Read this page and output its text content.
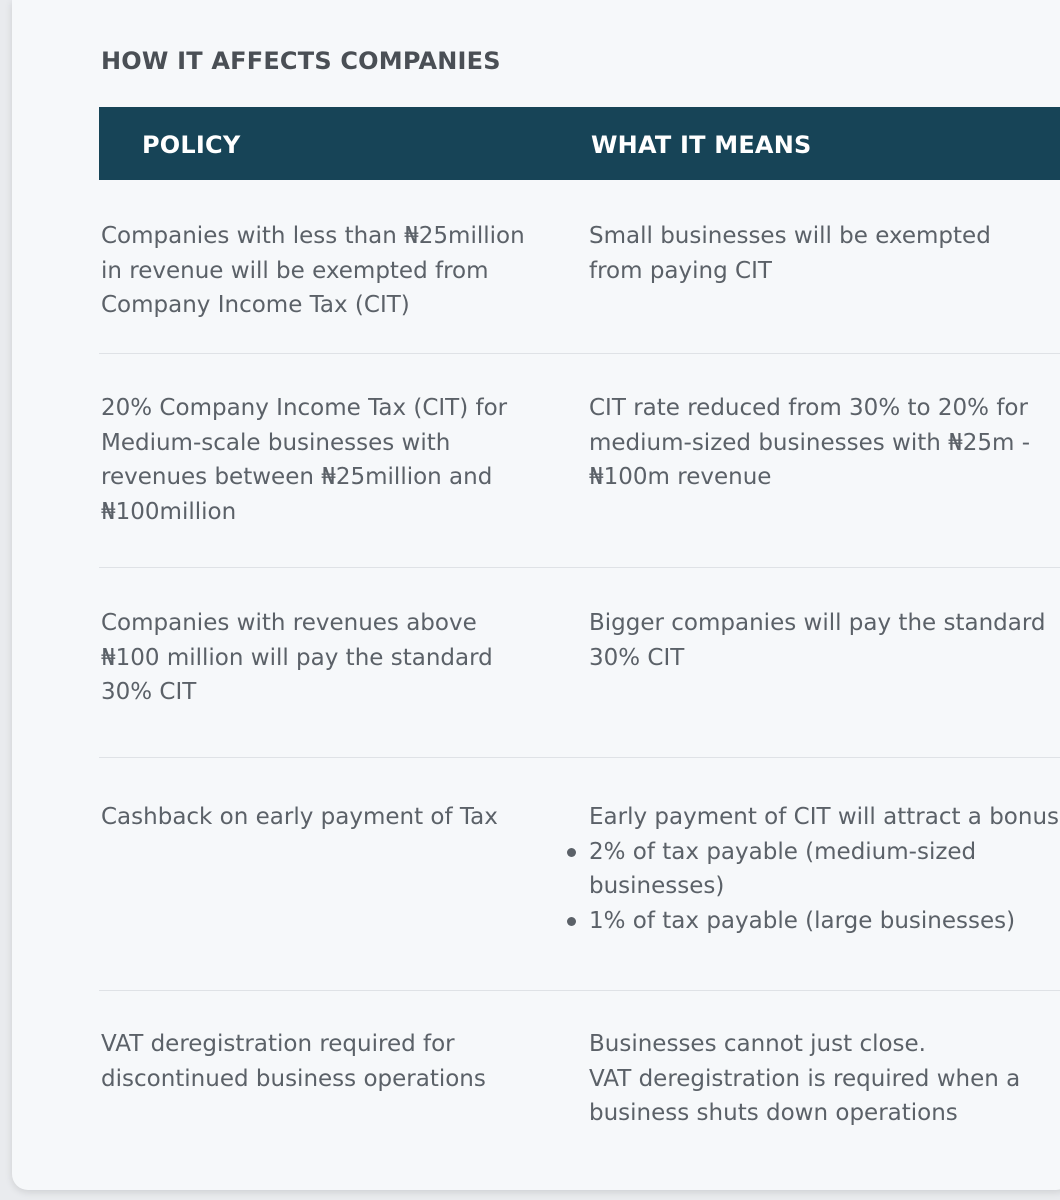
HOW IT AFFECTS COMPANIES
POLICY	WHAT IT MEANS
Companies with less than ₦25million in revenue will be exempted from Company Income Tax (CIT)
Small businesses will be exempted from paying CIT
20% Company Income Tax (CIT) for Medium-scale businesses with revenues between ₦25million and ₦100million
CIT rate reduced from 30% to 20% for medium-sized businesses with ₦25m - ₦100m revenue
Companies with revenues above ₦100 million will pay the standard 30% CIT
Bigger companies will pay the standard 30% CIT
Cashback on early payment of Tax	Early payment of CIT will attract a bonus
2% of tax payable (medium-sized businesses)
1% of tax payable (large businesses)
VAT deregistration required for discontinued business operations
Businesses cannot just close.
VAT deregistration is required when a business shuts down operations
